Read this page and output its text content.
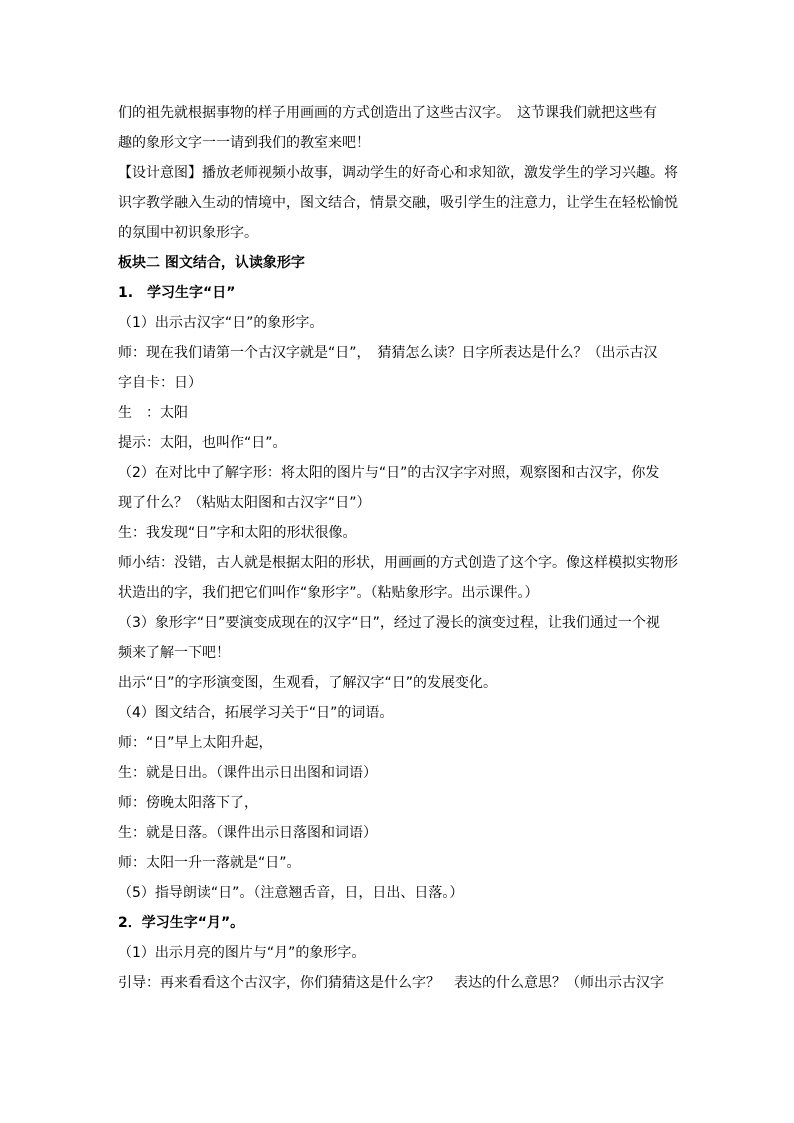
们的祖先就根据事物的样子用画画的方式创造出了这些古汉字。　这节课我们就把这些有
趣的象形文字一一请到我们的教室来吧！
【设计意图】播放老师视频小故事，调动学生的好奇心和求知欲，激发学生的学习兴趣。将
识字教学融入生动的情境中，图文结合，情景交融，吸引学生的注意力，让学生在轻松愉悦
的氛围中初识象形字。
板块二 图文结合，认读象形字
1.　学习生字“日”
（1）出示古汉字“日”的象形字。
师：现在我们请第一个古汉字就是“日”，　猜猜怎么读？日字所表达是什么？（出示古汉
字自卡：日）
生　：太阳
提示：太阳，也叫作“日”。
（2）在对比中了解字形：将太阳的图片与“日”的古汉字字对照，观察图和古汉字，你发
现了什么？（粘贴太阳图和古汉字“日”）
生：我发现“日”字和太阳的形状很像。
师小结：没错，古人就是根据太阳的形状，用画画的方式创造了这个字。像这样模拟实物形
状造出的字，我们把它们叫作“象形字”。（粘贴象形字。出示课件。）
（3）象形字“日”要演变成现在的汉字“日”，经过了漫长的演变过程，让我们通过一个视
频来了解一下吧！
出示“日”的字形演变图，生观看，了解汉字“日”的发展变化。
（4）图文结合，拓展学习关于“日”的词语。
师：“日”早上太阳升起，
生：就是日出。（课件出示日出图和词语）
师：傍晚太阳落下了，
生：就是日落。（课件出示日落图和词语）
师：太阳一升一落就是“日”。
（5）指导朗读“日”。（注意翘舌音，日，日出、日落。）
2．学习生字“月”。
（1）出示月亮的图片与“月”的象形字。
引导：再来看看这个古汉字，你们猜猜这是什么字？　表达的什么意思？（师出示古汉字
